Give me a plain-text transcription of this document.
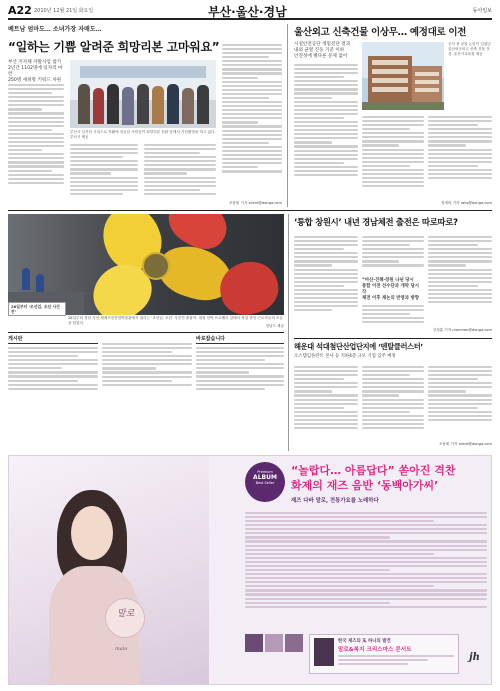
A22 2010년 12월 21일 화요일	부산·울산·경남	동아일보
베트남 엄마도… 소녀가장 자매도…
“일하는 기쁨 알려준 희망리본 고마워요”
부산 지자체 자활사업 참가
2년간 1102명에 일자리 마련
250명 새희망 키워드 차원
부산시 일자리 사업으로 자활에 성공한 사람들이 희망리본 현판 앞에서 기념촬영을 하고 있다. 부산시 제공
조용휘 기자 silent@donga.com
울산외고 신축건물 이상무… 예정대로 이전
시설안전공단 정밀진단 결과
내외 균열 진동 기준 이하
안전성에 별다른 문제 없어
공사 중 균열 논란이 일었던 울산외국어고 신축 건물 전경. 울산시교육청 제공
정재락 기자 raks@donga.com
28일부터 ‘조선업, 조선 사진전’
28일부터 경남 사천 세계조선산업박물관에서 열리는 ‘조선업, 조선’ 사진전 출품작. 대형 선박 프로펠러 앞에서 작업 중인 근로자들의 모습을 담았다.
경남도 제공
게시판	바로잡습니다
‘통합 창원시’ 내년 경남체전 출전은 따로따로?
“마산·진해·창원 나뉜 당시
통합 이전 선수단과 개막 당시 각
체전 이후 재논의 반영과 방향
강정훈 기자 manman@donga.com
해운대 석대첨단산업단지에 ‘덴탈클러스터’
오스템임플란트 본사 등 지하4층 규모 기업 입주 예정
조용휘 기자 silent@donga.com
말로
malo
Premium
ALBUM
Best Seller
“놀랍다… 아름답다” 쏟아진 격찬
화제의 재즈 음반 ‘동백아가씨’
재즈 다바 말로, 전통가요를 노래하다
한국 재즈의 또 하나의 발견
말로&복지 크리스마스 콘서트
jh
